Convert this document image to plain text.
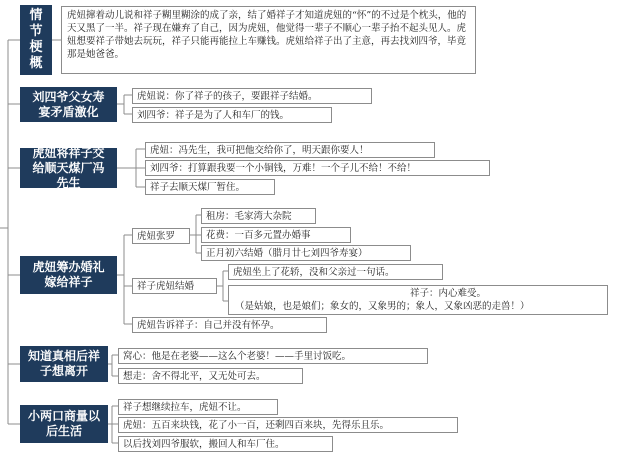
情节梗概
虎妞撺着动儿说和祥子糊里糊涂的成了亲，结了婚祥子才知道虎妞的“怀”的不过是个枕头，他的天又黑了一半。祥子现在嫌弃了自己，因为虎妞，他觉得一辈子不顺心一辈子抬不起头见人。虎妞想要祥子带她去玩玩，祥子只能再能拉上车赚钱。虎妞给祥子出了主意，再去找刘四爷，毕竟那是她爸爸。
刘四爷父女寿宴矛盾激化
虎妞说：你了祥子的孩子，要跟祥子结婚。
刘四爷：祥子是为了人和车厂的钱。
虎妞将祥子交给顺天煤厂冯先生
虎妞：冯先生，我可把他交给你了，明天跟你要人！
刘四爷：打算跟我要一个小铜钱，万难！一个子儿不给！不给！
祥子去顺天煤厂暂住。
虎妞筹办婚礼嫁给祥子
虎妞张罗
租房：毛家湾大杂院
花费：一百多元置办婚事
正月初六结婚（腊月廿七刘四爷寿宴）
祥子虎妞结婚
虎妞坐上了花轿，没和父亲过一句话。
祥子：内心难受。
（是姑娘，也是娘们；象女的，又象男的；象人，又象凶恶的走兽！）
虎妞告诉祥子：自己并没有怀孕。
知道真相后祥子想离开
窝心：他是在老婆——这么个老婆！——手里讨饭吃。
想走：舍不得北平，又无处可去。
小两口商量以后生活
祥子想继续拉车，虎妞不让。
虎妞：五百来块钱，花了小一百，还剩四百来块，先得乐且乐。
以后找刘四爷服软，搬回人和车厂住。
